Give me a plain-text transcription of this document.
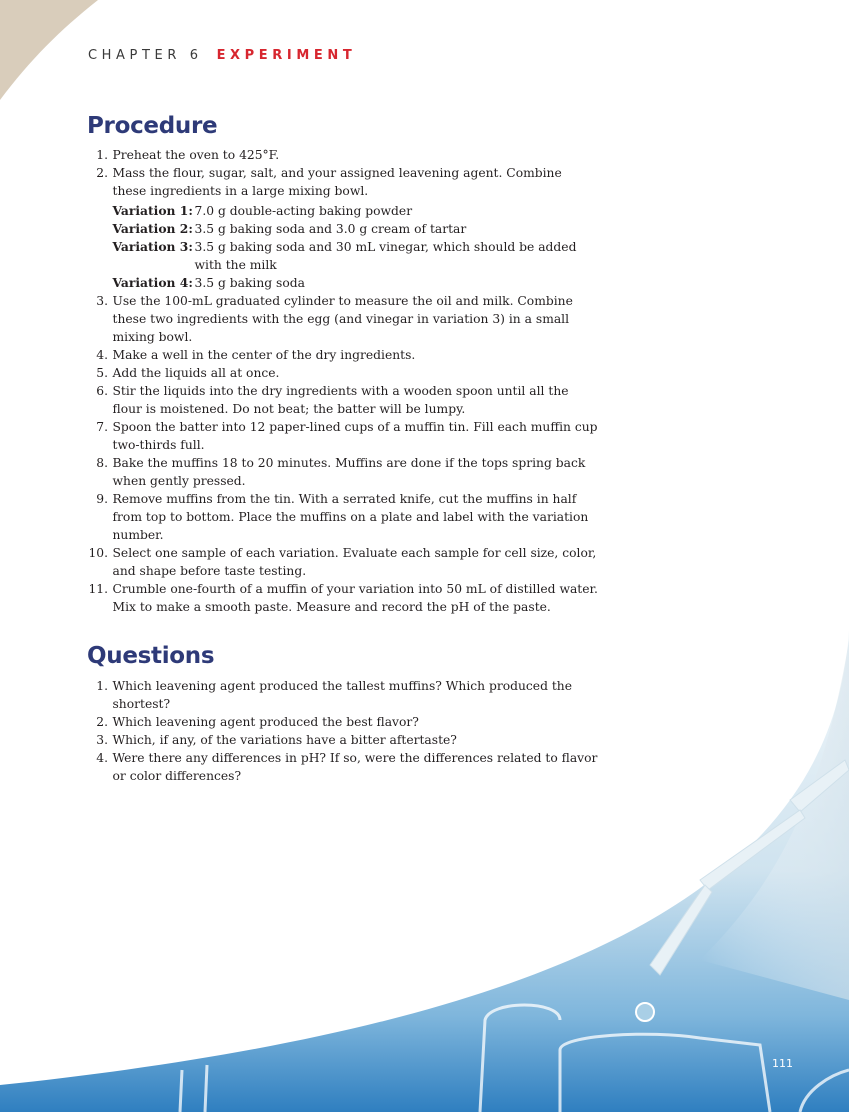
CHAPTER 6 EXPERIMENT
Procedure
1. Preheat the oven to 425°F.
2. Mass the flour, sugar, salt, and your assigned leavening agent. Combine these ingredients in a large mixing bowl.
Variation 1: 7.0 g double-acting baking powder
Variation 2: 3.5 g baking soda and 3.0 g cream of tartar
Variation 3: 3.5 g baking soda and 30 mL vinegar, which should be added with the milk
Variation 4: 3.5 g baking soda
3. Use the 100-mL graduated cylinder to measure the oil and milk. Combine these two ingredients with the egg (and vinegar in variation 3) in a small mixing bowl.
4. Make a well in the center of the dry ingredients.
5. Add the liquids all at once.
6. Stir the liquids into the dry ingredients with a wooden spoon until all the flour is moistened. Do not beat; the batter will be lumpy.
7. Spoon the batter into 12 paper-lined cups of a muffin tin. Fill each muffin cup two-thirds full.
8. Bake the muffins 18 to 20 minutes. Muffins are done if the tops spring back when gently pressed.
9. Remove muffins from the tin. With a serrated knife, cut the muffins in half from top to bottom. Place the muffins on a plate and label with the variation number.
10. Select one sample of each variation. Evaluate each sample for cell size, color, and shape before taste testing.
11. Crumble one-fourth of a muffin of your variation into 50 mL of distilled water. Mix to make a smooth paste. Measure and record the pH of the paste.
Questions
1. Which leavening agent produced the tallest muffins? Which produced the shortest?
2. Which leavening agent produced the best flavor?
3. Which, if any, of the variations have a bitter aftertaste?
4. Were there any differences in pH? If so, were the differences related to flavor or color differences?
111
